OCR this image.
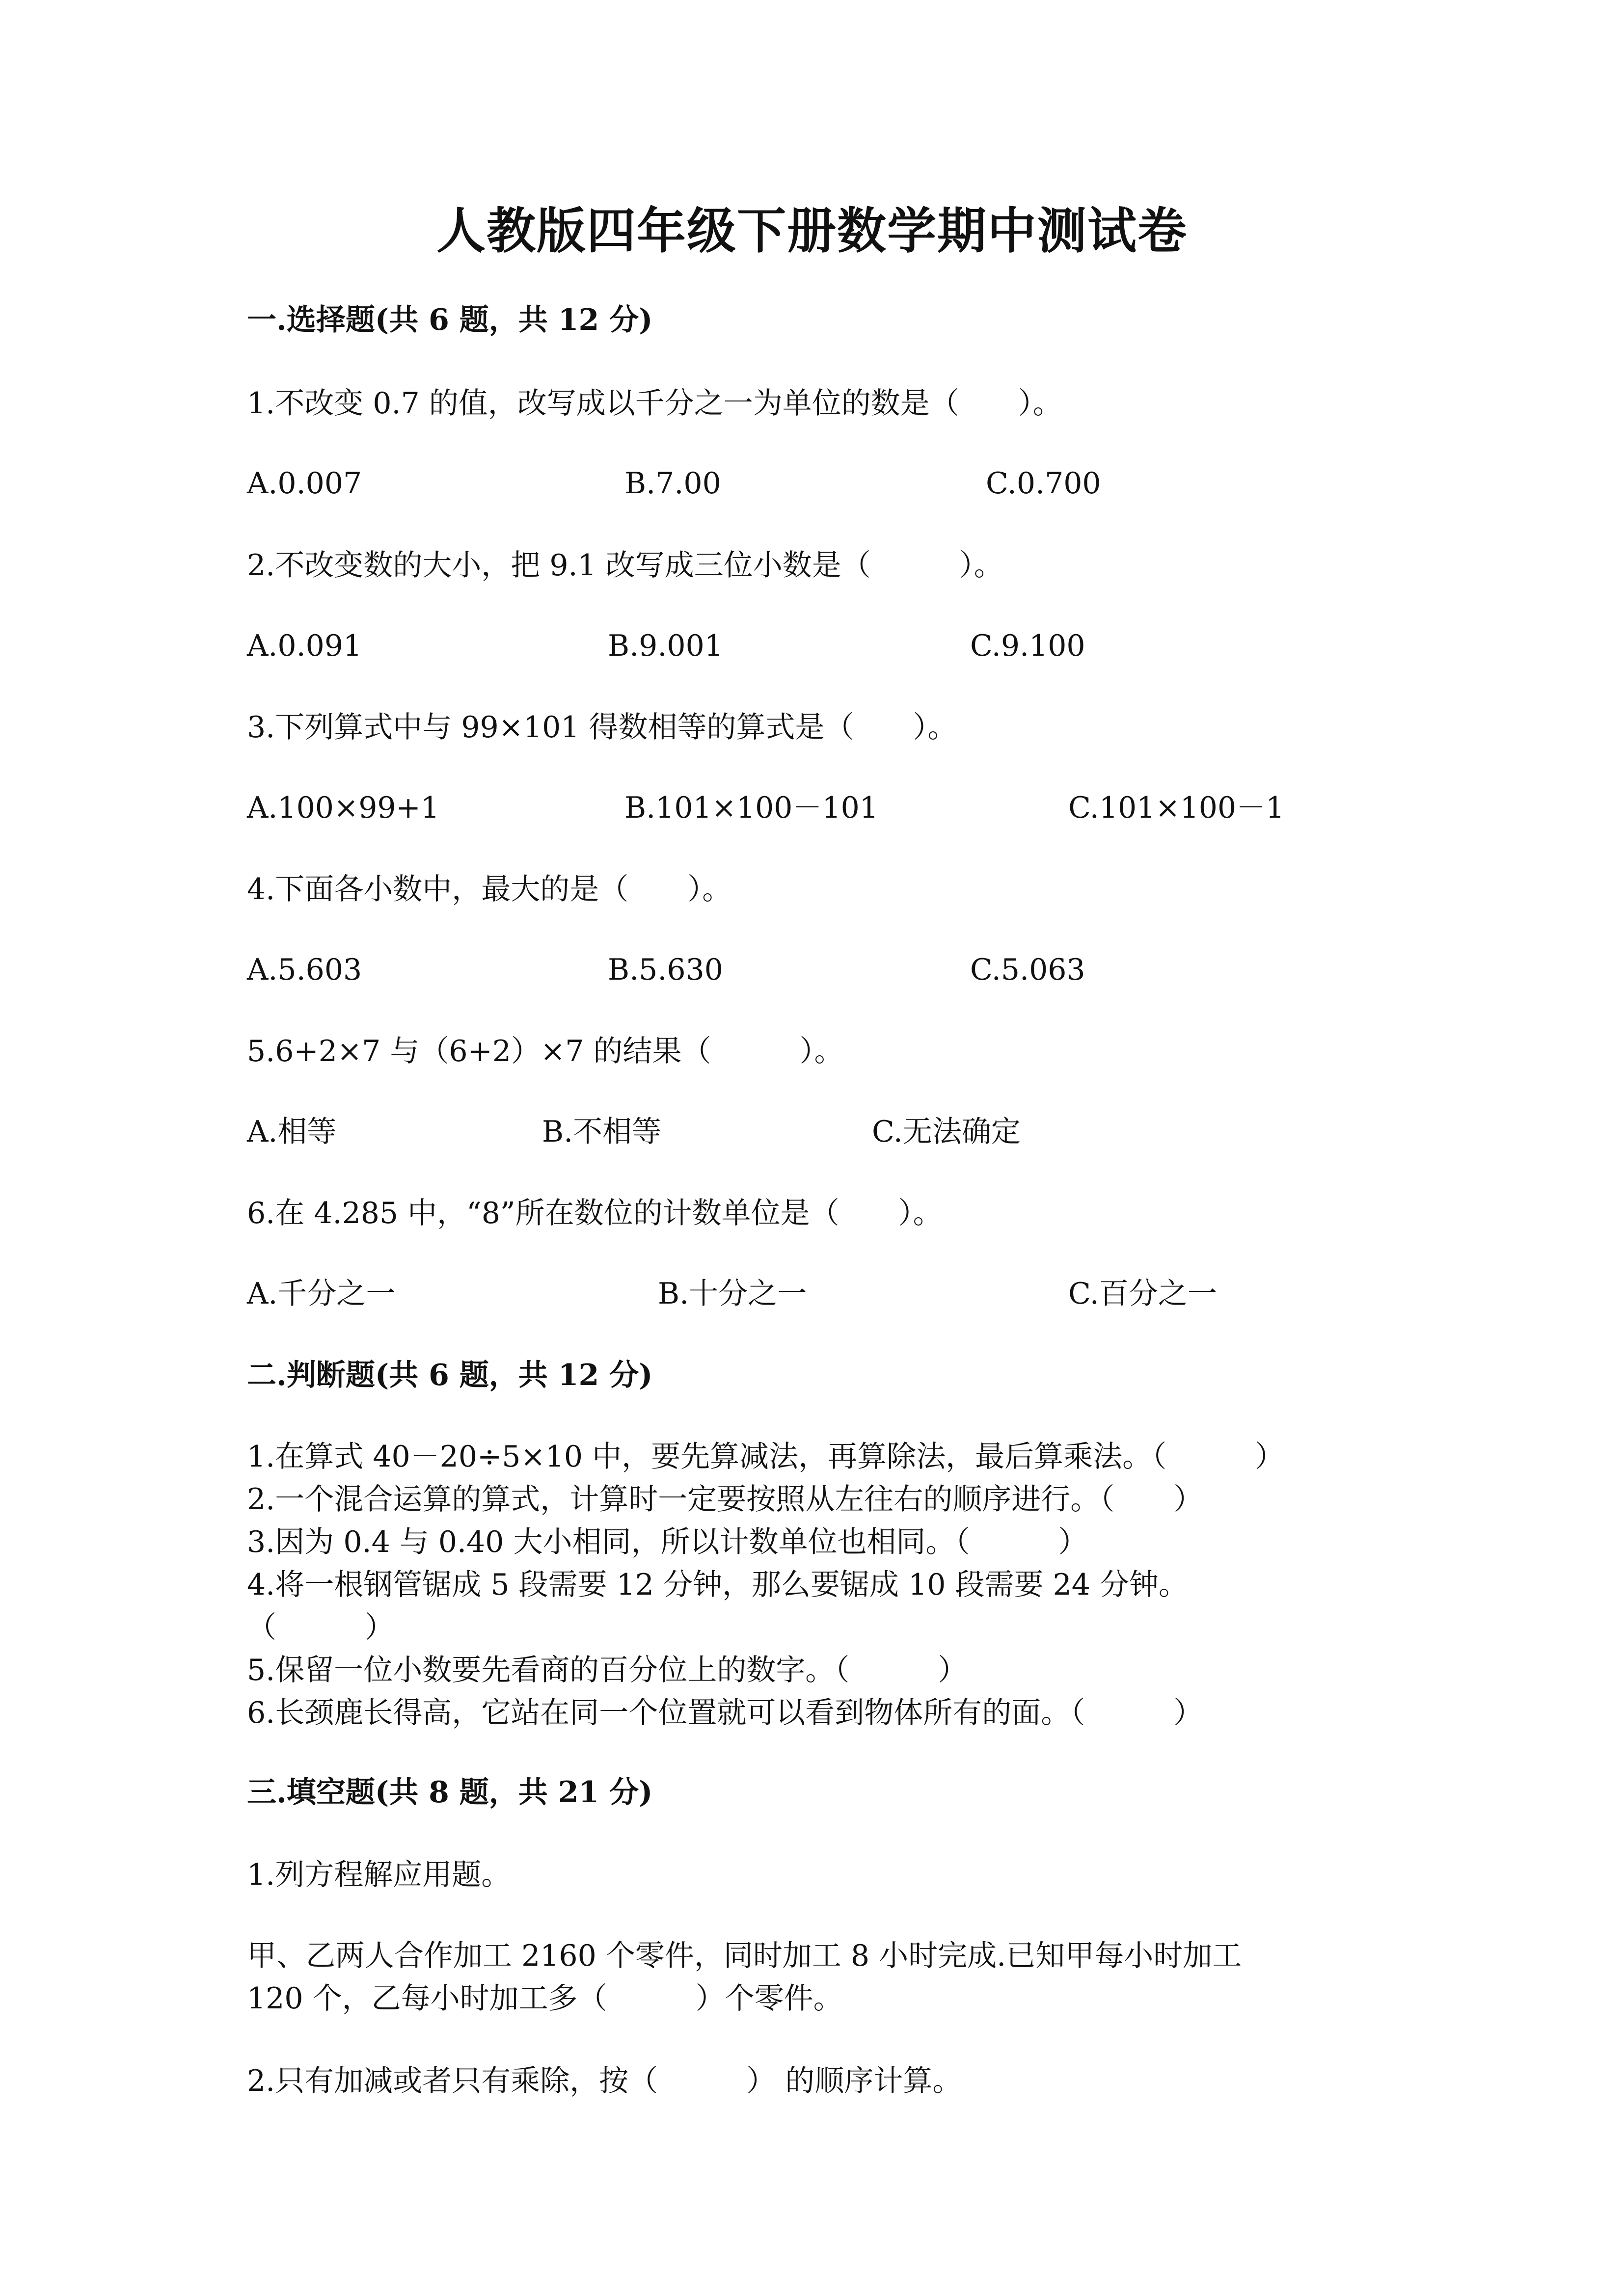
人教版四年级下册数学期中测试卷
一.选择题(共 6 题，共 12 分)
1.不改变 0.7 的值，改写成以千分之一为单位的数是（　　）。
A.0.007	B.7.00	C.0.700
2.不改变数的大小，把 9.1 改写成三位小数是（　　　）。
A.0.091	B.9.001	C.9.100
3.下列算式中与 99×101 得数相等的算式是（　　）。
A.100×99+1	B.101×100－101	C.101×100－1
4.下面各小数中，最大的是（　　）。
A.5.603	B.5.630	C.5.063
5.6+2×7 与（6+2）×7 的结果（　　　）。
A.相等	B.不相等	C.无法确定
6.在 4.285 中，“8”所在数位的计数单位是（　　）。
A.千分之一	B.十分之一	C.百分之一
二.判断题(共 6 题，共 12 分)
1.在算式 40－20÷5×10 中，要先算减法，再算除法，最后算乘法。（　　　）
2.一个混合运算的算式，计算时一定要按照从左往右的顺序进行。（　　）
3.因为 0.4 与 0.40 大小相同，所以计数单位也相同。（　　　）
4.将一根钢管锯成 5 段需要 12 分钟，那么要锯成 10 段需要 24 分钟。
（　　　）
5.保留一位小数要先看商的百分位上的数字。（　　　）
6.长颈鹿长得高，它站在同一个位置就可以看到物体所有的面。（　　　）
三.填空题(共 8 题，共 21 分)
1.列方程解应用题。
甲、乙两人合作加工 2160 个零件，同时加工 8 小时完成.已知甲每小时加工
120 个，乙每小时加工多（　　　）个零件。
2.只有加减或者只有乘除，按（　　　） 的顺序计算。
